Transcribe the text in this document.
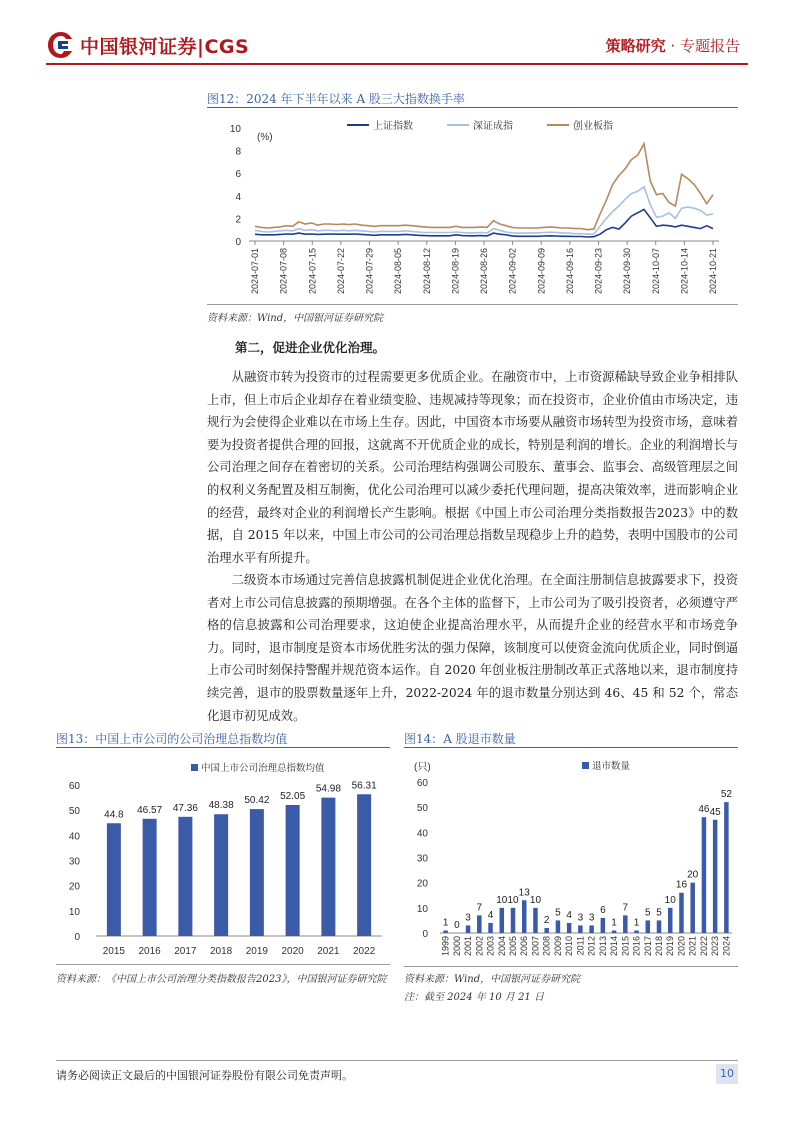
中国银河证券|CGS	策略研究 · 专题报告
图12：2024 年下半年以来 A 股三大指数换手率
0
2
4
6
8
10
(%)
2024-07-01 2024-07-08 2024-07-15 2024-07-22 2024-07-29 2024-08-05 2024-08-12 2024-08-19 2024-08-26 2024-09-02 2024-09-09 2024-09-16 2024-09-23 2024-09-30 2024-10-07 2024-10-14 2024-10-21
上证指数	深证成指	创业板指
资料来源：Wind，中国银河证券研究院
第二，促进企业优化治理。

从融资市转为投资市的过程需要更多优质企业。在融资市中，上市资源稀缺导致企业争相排队上市，但上市后企业却存在着业绩变脸、违规减持等现象；而在投资市，企业价值由市场决定，违规行为会使得企业难以在市场上生存。因此，中国资本市场要从融资市场转型为投资市场，意味着要为投资者提供合理的回报，这就离不开优质企业的成长，特别是利润的增长。企业的利润增长与公司治理之间存在着密切的关系。公司治理结构强调公司股东、董事会、监事会、高级管理层之间的权利义务配置及相互制衡，优化公司治理可以减少委托代理问题，提高决策效率，进而影响企业的经营，最终对企业的利润增长产生影响。根据《中国上市公司治理分类指数报告2023》中的数据，自 2015 年以来，中国上市公司的公司治理总指数呈现稳步上升的趋势，表明中国股市的公司治理水平有所提升。

二级资本市场通过完善信息披露机制促进企业优化治理。在全面注册制信息披露要求下，投资者对上市公司信息披露的预期增强。在各个主体的监督下，上市公司为了吸引投资者，必须遵守严格的信息披露和公司治理要求，这迫使企业提高治理水平，从而提升企业的经营水平和市场竞争力。同时，退市制度是资本市场优胜劣汰的强力保障，该制度可以使资金流向优质企业，同时倒逼上市公司时刻保持警醒并规范资本运作。自 2020 年创业板注册制改革正式落地以来，退市制度持续完善，退市的股票数量逐年上升，2022-2024 年的退市数量分别达到 46、45 和 52 个，常态化退市初见成效。

图13：中国上市公司的公司治理总指数均值
0
10
20
30
40
50
60
44.8
2015
46.57
2016
47.36
2017
48.38
2018
50.42
2019
52.05
2020
54.98
2021
56.31
2022
中国上市公司治理总指数均值
资料来源：《中国上市公司治理分类指数报告2023》，中国银河证券研究院
图14：A 股退市数量
0
10
20
30
40
50
60
(只)
1
1999
0
2000
3
2001
7
2002
4
2003
10
2004
10
2005
13
2006
10
2007
2
2008
5
2009
4
2010
3
2011
3
2012
6
2013
1
2014
7
2015
1
2016
5
2017
5
2018
10
2019
16
2020
20
2021
46
2022
45
2023
52
2024
退市数量
资料来源：Wind，中国银河证券研究院
注：截至 2024 年 10 月 21 日
请务必阅读正文最后的中国银河证券股份有限公司免责声明。	10
